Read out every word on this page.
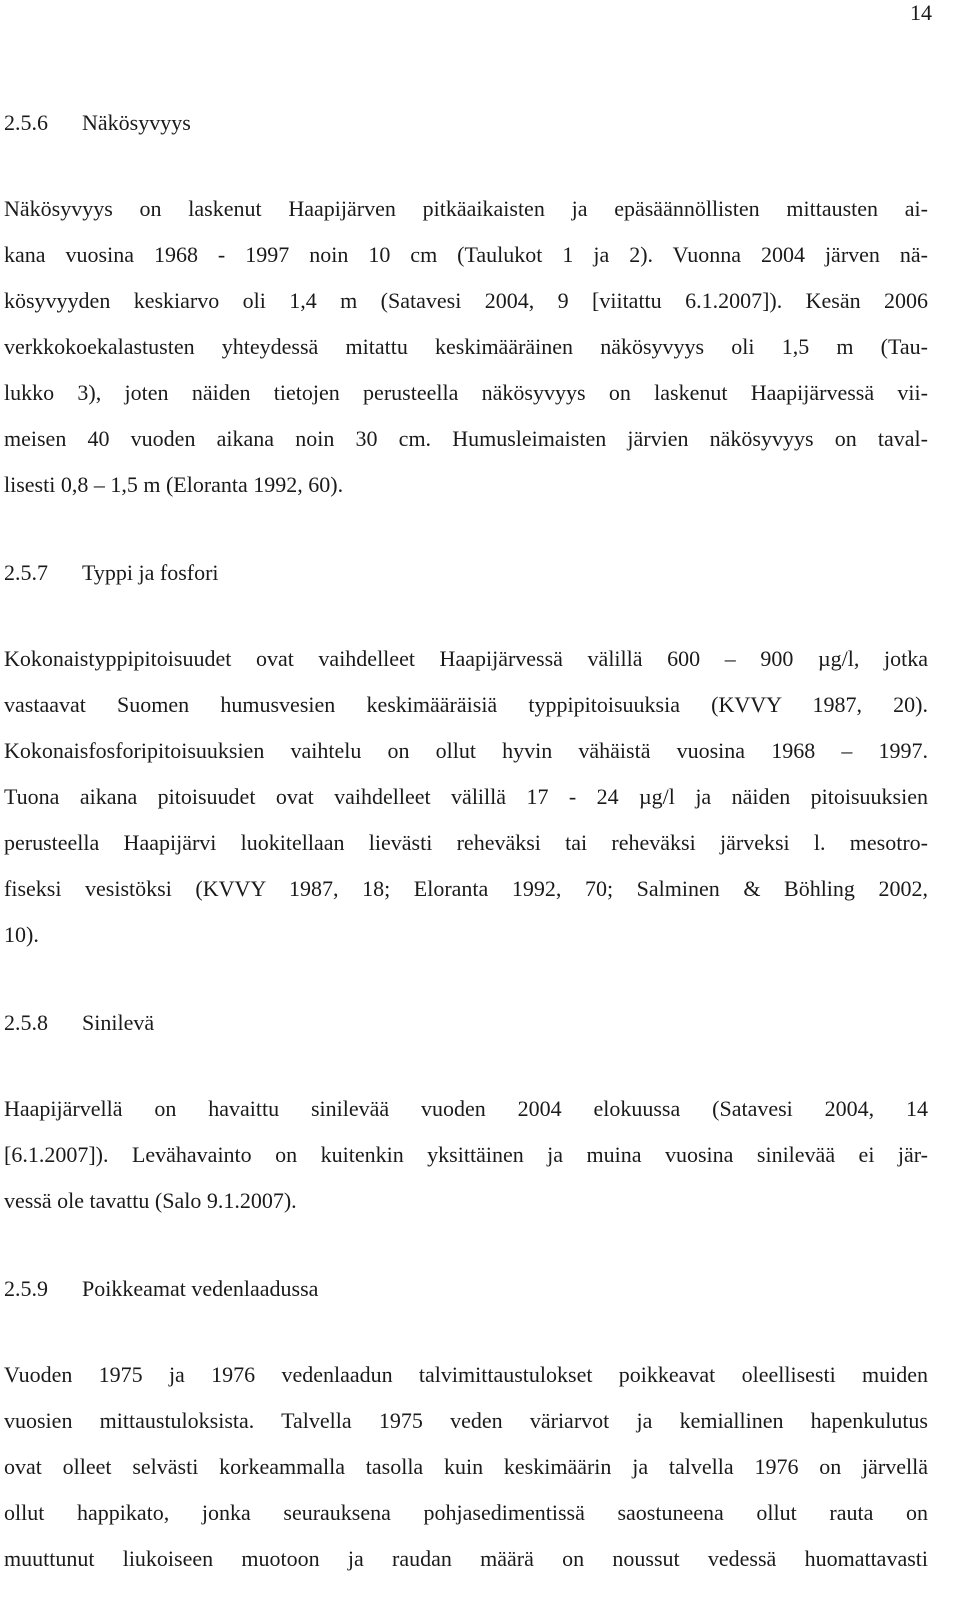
14
2.5.6	Näkösyvyys
Näkösyvyys on laskenut Haapijärven pitkäaikaisten ja epäsäännöllisten mittausten ai-
kana vuosina 1968 - 1997 noin 10 cm (Taulukot 1 ja 2). Vuonna 2004 järven nä-
kösyvyyden keskiarvo oli 1,4 m (Satavesi 2004, 9 [viitattu 6.1.2007]). Kesän 2006
verkkokoekalastusten yhteydessä mitattu keskimääräinen näkösyvyys oli 1,5 m (Tau-
lukko 3), joten näiden tietojen perusteella näkösyvyys on laskenut Haapijärvessä vii-
meisen 40 vuoden aikana noin 30 cm. Humusleimaisten järvien näkösyvyys on taval-
lisesti 0,8 – 1,5 m (Eloranta 1992, 60).
2.5.7	Typpi ja fosfori
Kokonaistyppipitoisuudet ovat vaihdelleet Haapijärvessä välillä 600 – 900 µg/l, jotka
vastaavat Suomen humusvesien keskimääräisiä typpipitoisuuksia (KVVY 1987, 20).
Kokonaisfosforipitoisuuksien vaihtelu on ollut hyvin vähäistä vuosina 1968 – 1997.
Tuona aikana pitoisuudet ovat vaihdelleet välillä 17 - 24 µg/l ja näiden pitoisuuksien
perusteella Haapijärvi luokitellaan lievästi reheväksi tai reheväksi järveksi l. mesotro-
fiseksi vesistöksi (KVVY 1987, 18; Eloranta 1992, 70; Salminen & Böhling 2002,
10).
2.5.8	Sinilevä
Haapijärvellä on havaittu sinilevää vuoden 2004 elokuussa (Satavesi 2004, 14
[6.1.2007]). Levähavainto on kuitenkin yksittäinen ja muina vuosina sinilevää ei jär-
vessä ole tavattu (Salo 9.1.2007).
2.5.9	Poikkeamat vedenlaadussa
Vuoden 1975 ja 1976 vedenlaadun talvimittaustulokset poikkeavat oleellisesti muiden
vuosien mittaustuloksista. Talvella 1975 veden väriarvot ja kemiallinen hapenkulutus
ovat olleet selvästi korkeammalla tasolla kuin keskimäärin ja talvella 1976 on järvellä
ollut happikato, jonka seurauksena pohjasedimentissä saostuneena ollut rauta on
muuttunut liukoiseen muotoon ja raudan määrä on noussut vedessä huomattavasti
